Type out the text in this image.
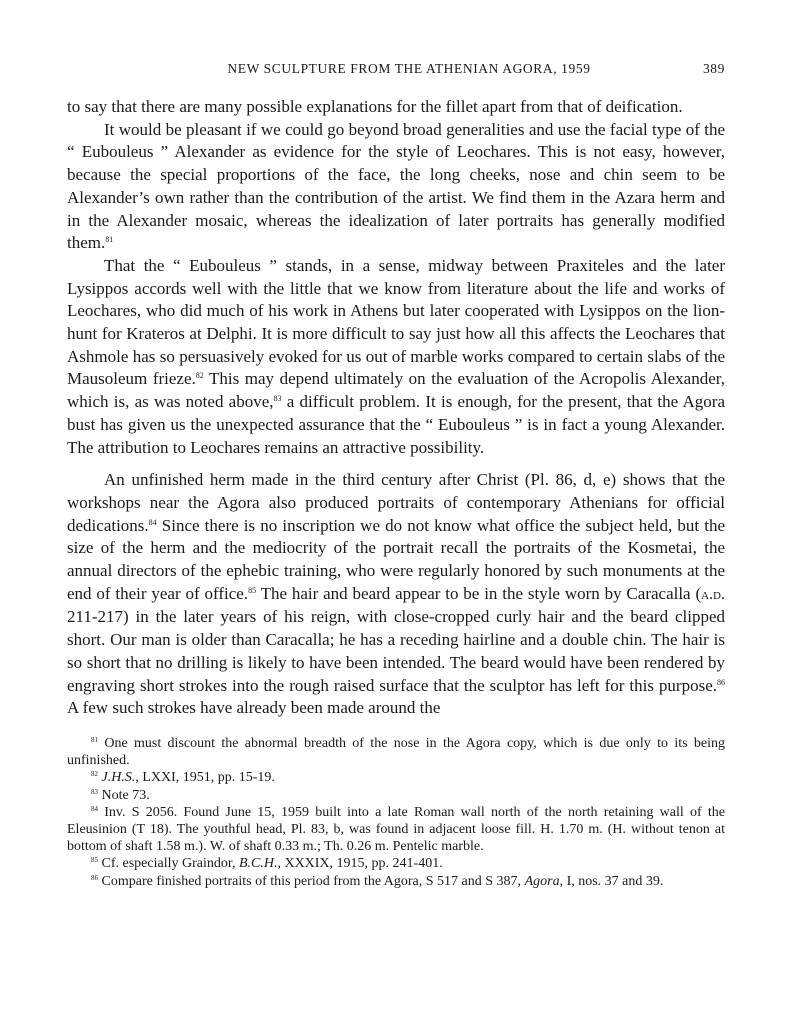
NEW SCULPTURE FROM THE ATHENIAN AGORA, 1959	389

to say that there are many possible explanations for the fillet apart from that of deification.

It would be pleasant if we could go beyond broad generalities and use the facial type of the “ Eubouleus ” Alexander as evidence for the style of Leochares. This is not easy, however, because the special proportions of the face, the long cheeks, nose and chin seem to be Alexander’s own rather than the contribution of the artist. We find them in the Azara herm and in the Alexander mosaic, whereas the idealization of later portraits has generally modified them.$^{81}$

That the “ Eubouleus ” stands, in a sense, midway between Praxiteles and the later Lysippos accords well with the little that we know from literature about the life and works of Leochares, who did much of his work in Athens but later cooperated with Lysippos on the lion-hunt for Krateros at Delphi. It is more difficult to say just how all this affects the Leochares that Ashmole has so persuasively evoked for us out of marble works compared to certain slabs of the Mausoleum frieze.$^{82}$ This may depend ultimately on the evaluation of the Acropolis Alexander, which is, as was noted above,$^{83}$ a difficult problem. It is enough, for the present, that the Agora bust has given us the unexpected assurance that the “ Eubouleus ” is in fact a young Alexander. The attribution to Leochares remains an attractive possibility.

An unfinished herm made in the third century after Christ (Pl. 86, d, e) shows that the workshops near the Agora also produced portraits of contemporary Athenians for official dedications.$^{84}$ Since there is no inscription we do not know what office the subject held, but the size of the herm and the mediocrity of the portrait recall the portraits of the Kosmetai, the annual directors of the ephebic training, who were regularly honored by such monuments at the end of their year of office.$^{85}$ The hair and beard appear to be in the style worn by Caracalla (a.d. 211-217) in the later years of his reign, with close-cropped curly hair and the beard clipped short. Our man is older than Caracalla; he has a receding hairline and a double chin. The hair is so short that no drilling is likely to have been intended. The beard would have been rendered by engraving short strokes into the rough raised surface that the sculptor has left for this purpose.$^{86}$ A few such strokes have already been made around the

$^{81}$ One must discount the abnormal breadth of the nose in the Agora copy, which is due only to its being unfinished.

$^{82}$ J.H.S., LXXI, 1951, pp. 15-19.

$^{83}$ Note 73.

$^{84}$ Inv. S 2056. Found June 15, 1959 built into a late Roman wall north of the north retaining wall of the Eleusinion (T 18). The youthful head, Pl. 83, b, was found in adjacent loose fill. H. 1.70 m. (H. without tenon at bottom of shaft 1.58 m.). W. of shaft 0.33 m.; Th. 0.26 m. Pentelic marble.

$^{85}$ Cf. especially Graindor, B.C.H., XXXIX, 1915, pp. 241-401.

$^{86}$ Compare finished portraits of this period from the Agora, S 517 and S 387, Agora, I, nos. 37 and 39.
